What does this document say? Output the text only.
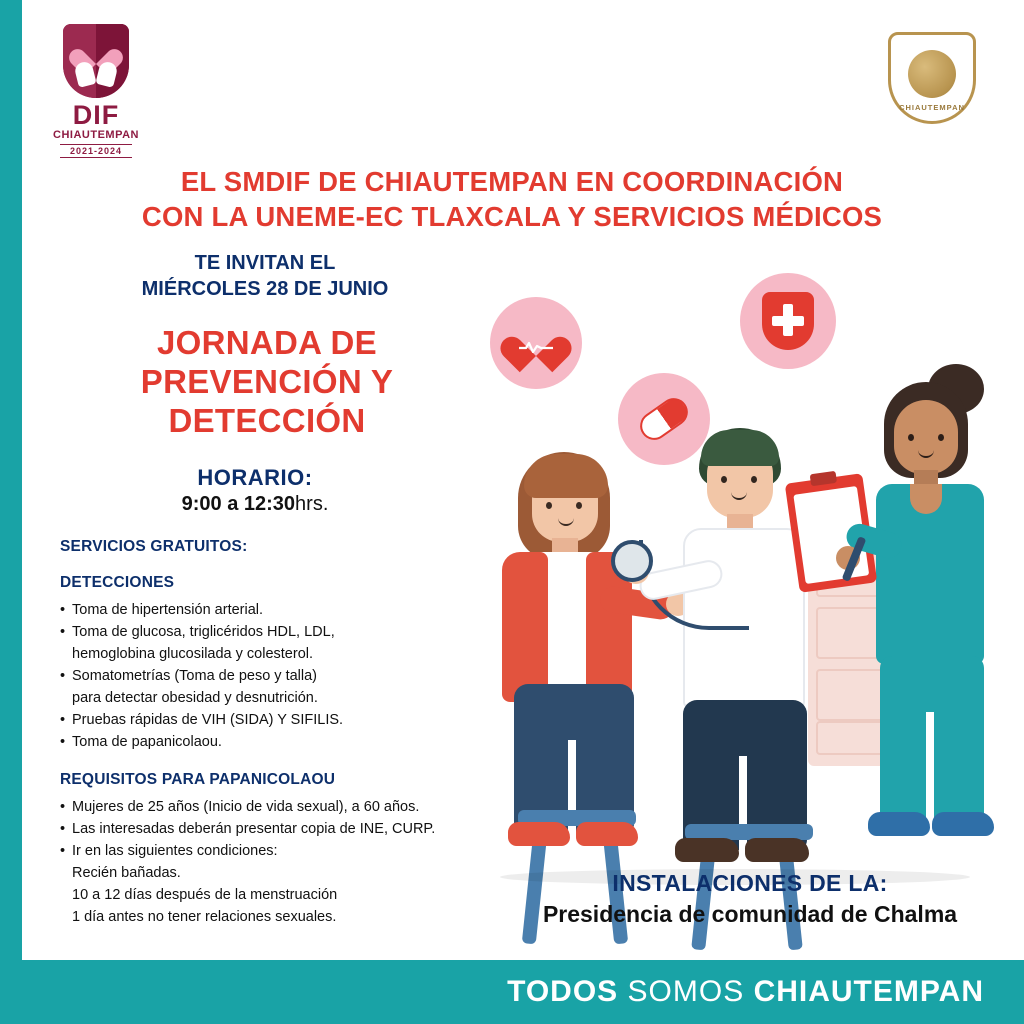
DIF
CHIAUTEMPAN
2021-2024
CHIAUTEMPAN
EL SMDIF DE CHIAUTEMPAN EN COORDINACIÓN
CON LA UNEME-EC TLAXCALA Y SERVICIOS MÉDICOS
TE INVITAN EL
MIÉRCOLES 28 DE JUNIO
JORNADA DE
PREVENCIÓN Y DETECCIÓN
HORARIO:
9:00 a 12:30hrs.
SERVICIOS GRATUITOS:
DETECCIONES
• Toma de hipertensión arterial.
• Toma de glucosa, triglicéridos HDL, LDL,
hemoglobina glucosilada y colesterol.
• Somatometrías (Toma de peso y talla)
para detectar obesidad y desnutrición.
• Pruebas rápidas de VIH (SIDA) Y SIFILIS.
• Toma de papanicolaou.
REQUISITOS PARA PAPANICOLAOU
• Mujeres de 25 años (Inicio de vida sexual), a 60 años.
• Las interesadas deberán presentar copia de INE, CURP.
• Ir en las siguientes condiciones:
Recién bañadas.
10 a 12 días después de la menstruación
1 día antes no tener relaciones sexuales.
INSTALACIONES DE LA:
Presidencia de comunidad de Chalma
TODOS SOMOS CHIAUTEMPAN
